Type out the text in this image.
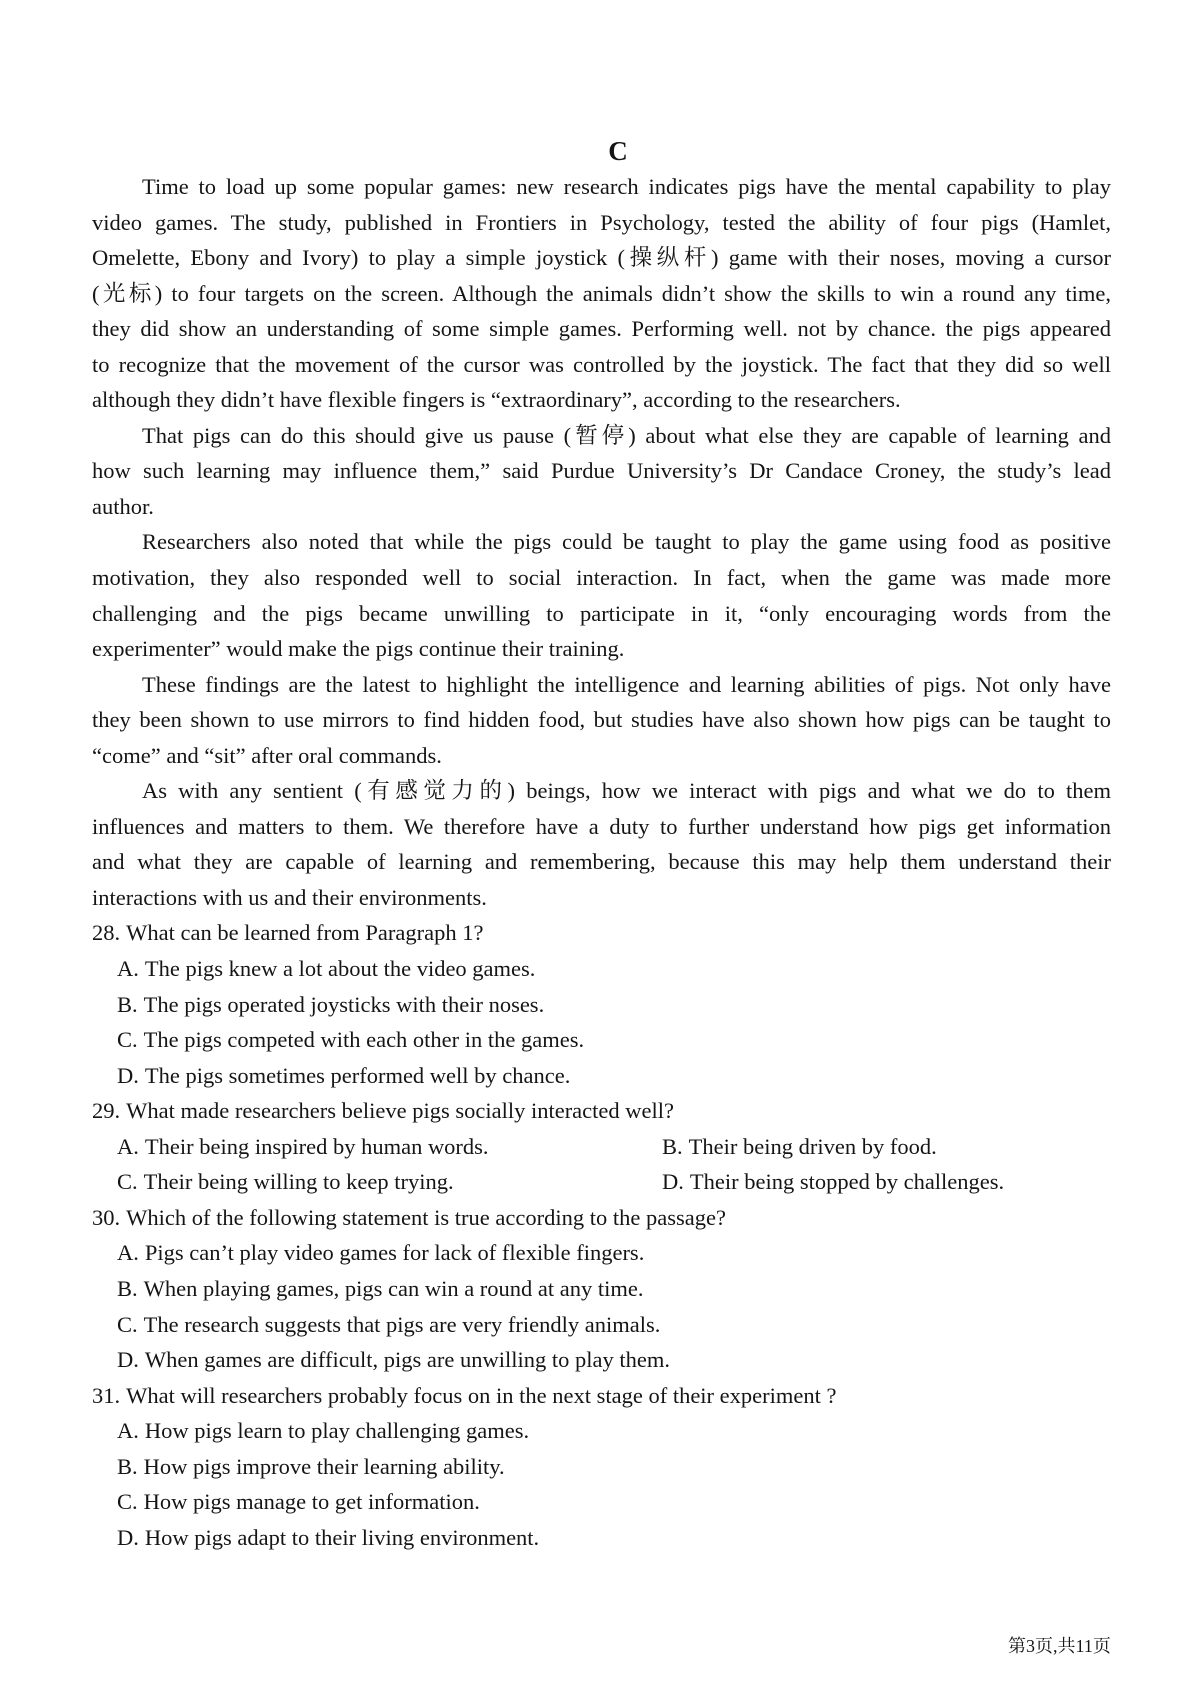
C
Time to load up some popular games: new research indicates pigs have the mental capability to play
video games. The study, published in Frontiers in Psychology, tested the ability of four pigs (Hamlet,
Omelette, Ebony and Ivory) to play a simple joystick (操纵杆) game with their noses, moving a cursor
(光标) to four targets on the screen. Although the animals didn’t show the skills to win a round any time,
they did show an understanding of some simple games. Performing well. not by chance. the pigs appeared
to recognize that the movement of the cursor was controlled by the joystick. The fact that they did so well
although they didn’t have flexible fingers is “extraordinary”, according to the researchers.
That pigs can do this should give us pause (暂停) about what else they are capable of learning and
how such learning may influence them,” said Purdue University’s Dr Candace Croney, the study’s lead
author.
Researchers also noted that while the pigs could be taught to play the game using food as positive
motivation, they also responded well to social interaction. In fact, when the game was made more
challenging and the pigs became unwilling to participate in it, “only encouraging words from the
experimenter” would make the pigs continue their training.
These findings are the latest to highlight the intelligence and learning abilities of pigs. Not only have
they been shown to use mirrors to find hidden food, but studies have also shown how pigs can be taught to
“come” and “sit” after oral commands.
As with any sentient (有感觉力的) beings, how we interact with pigs and what we do to them
influences and matters to them. We therefore have a duty to further understand how pigs get information
and what they are capable of learning and remembering, because this may help them understand their
interactions with us and their environments.
28. What can be learned from Paragraph 1?
A. The pigs knew a lot about the video games.
B. The pigs operated joysticks with their noses.
C. The pigs competed with each other in the games.
D. The pigs sometimes performed well by chance.
29. What made researchers believe pigs socially interacted well?
A. Their being inspired by human words.	B. Their being driven by food.
C. Their being willing to keep trying.	D. Their being stopped by challenges.
30. Which of the following statement is true according to the passage?
A. Pigs can’t play video games for lack of flexible fingers.
B. When playing games, pigs can win a round at any time.
C. The research suggests that pigs are very friendly animals.
D. When games are difficult, pigs are unwilling to play them.
31. What will researchers probably focus on in the next stage of their experiment ?
A. How pigs learn to play challenging games.
B. How pigs improve their learning ability.
C. How pigs manage to get information.
D. How pigs adapt to their living environment.
第3页,共11页
